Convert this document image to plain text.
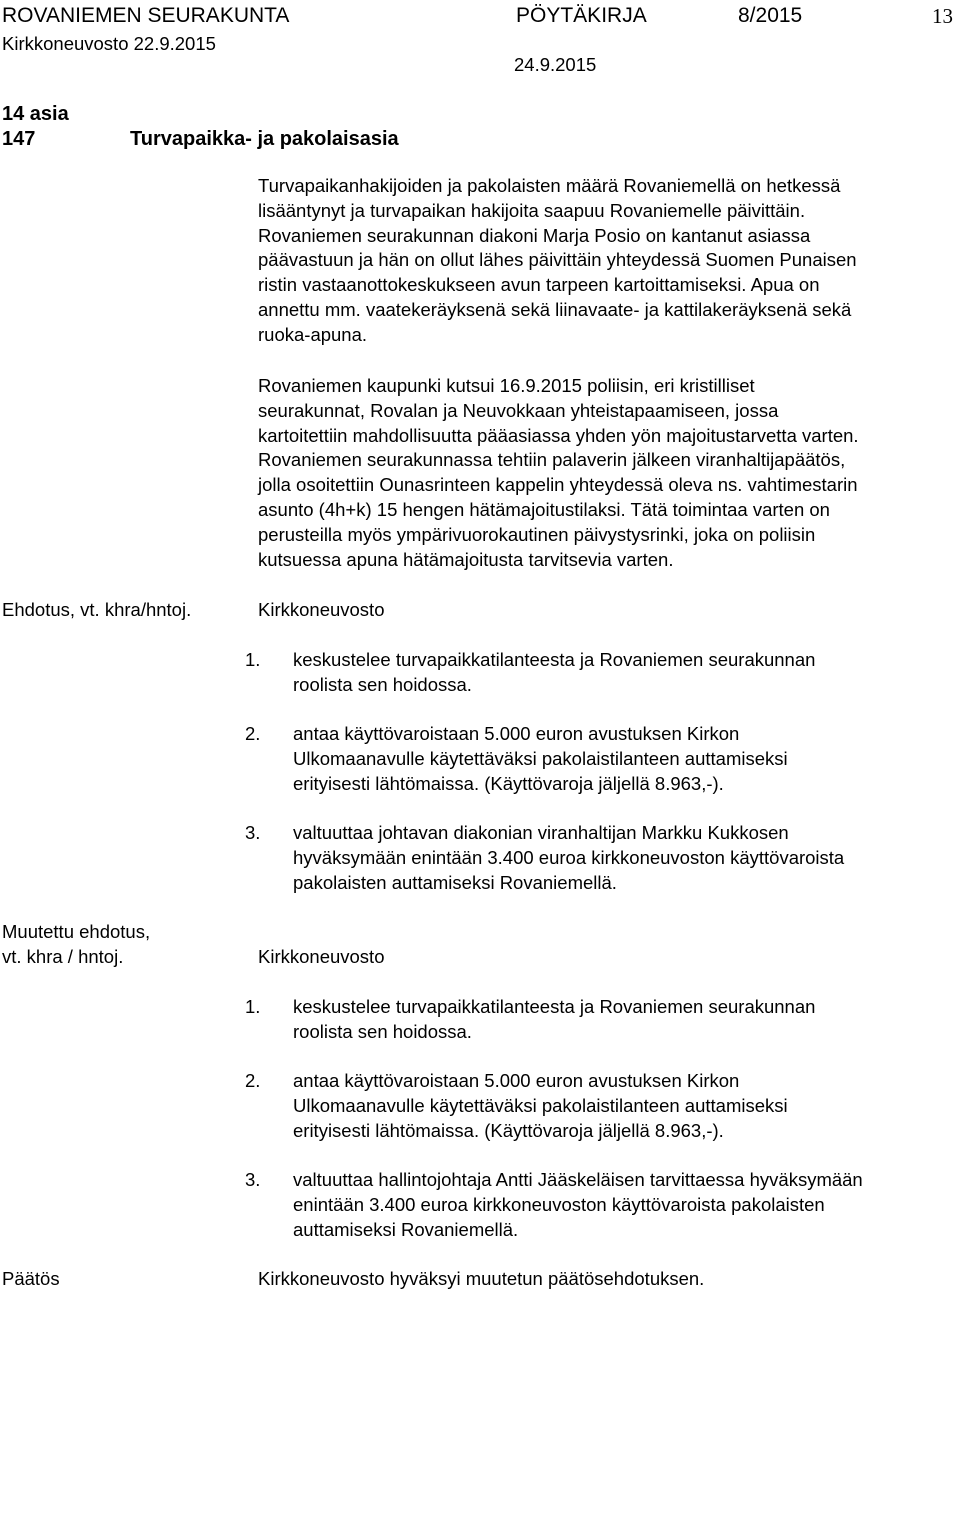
ROVANIEMEN SEURAKUNTA	PÖYTÄKIRJA	8/2015	13
Kirkkoneuvosto 22.9.2015
24.9.2015
14 asia
147	Turvapaikka- ja pakolaisasia
Turvapaikanhakijoiden ja pakolaisten määrä Rovaniemellä on hetkessä
lisääntynyt ja turvapaikan hakijoita saapuu Rovaniemelle päivittäin.
Rovaniemen seurakunnan diakoni Marja Posio on kantanut asiassa
päävastuun ja hän on ollut lähes päivittäin yhteydessä Suomen Punaisen
ristin vastaanottokeskukseen avun tarpeen kartoittamiseksi. Apua on
annettu mm. vaatekeräyksenä sekä liinavaate- ja kattilakeräyksenä sekä
ruoka-apuna.
Rovaniemen kaupunki kutsui 16.9.2015 poliisin, eri kristilliset
seurakunnat, Rovalan ja Neuvokkaan yhteistapaamiseen, jossa
kartoitettiin mahdollisuutta pääasiassa yhden yön majoitustarvetta varten.
Rovaniemen seurakunnassa tehtiin palaverin jälkeen viranhaltijapäätös,
jolla osoitettiin Ounasrinteen kappelin yhteydessä oleva ns. vahtimestarin
asunto (4h+k) 15 hengen hätämajoitustilaksi. Tätä toimintaa varten on
perusteilla myös ympärivuorokautinen päivystysrinki, joka on poliisin
kutsuessa apuna hätämajoitusta tarvitsevia varten.
Ehdotus, vt. khra/hntoj.	Kirkkoneuvosto
1. keskustelee turvapaikkatilanteesta ja Rovaniemen seurakunnan
roolista sen hoidossa.
2. antaa käyttövaroistaan 5.000 euron avustuksen Kirkon
Ulkomaanavulle käytettäväksi pakolaistilanteen auttamiseksi
erityisesti lähtömaissa. (Käyttövaroja jäljellä 8.963,-).
3. valtuuttaa johtavan diakonian viranhaltijan Markku Kukkosen
hyväksymään enintään 3.400 euroa kirkkoneuvoston käyttövaroista
pakolaisten auttamiseksi Rovaniemellä.
Muutettu ehdotus,
vt. khra / hntoj.	Kirkkoneuvosto
1. keskustelee turvapaikkatilanteesta ja Rovaniemen seurakunnan
roolista sen hoidossa.
2. antaa käyttövaroistaan 5.000 euron avustuksen Kirkon
Ulkomaanavulle käytettäväksi pakolaistilanteen auttamiseksi
erityisesti lähtömaissa. (Käyttövaroja jäljellä 8.963,-).
3. valtuuttaa hallintojohtaja Antti Jääskeläisen tarvittaessa hyväksymään
enintään 3.400 euroa kirkkoneuvoston käyttövaroista pakolaisten
auttamiseksi Rovaniemellä.
Päätös	Kirkkoneuvosto hyväksyi muutetun päätösehdotuksen.
